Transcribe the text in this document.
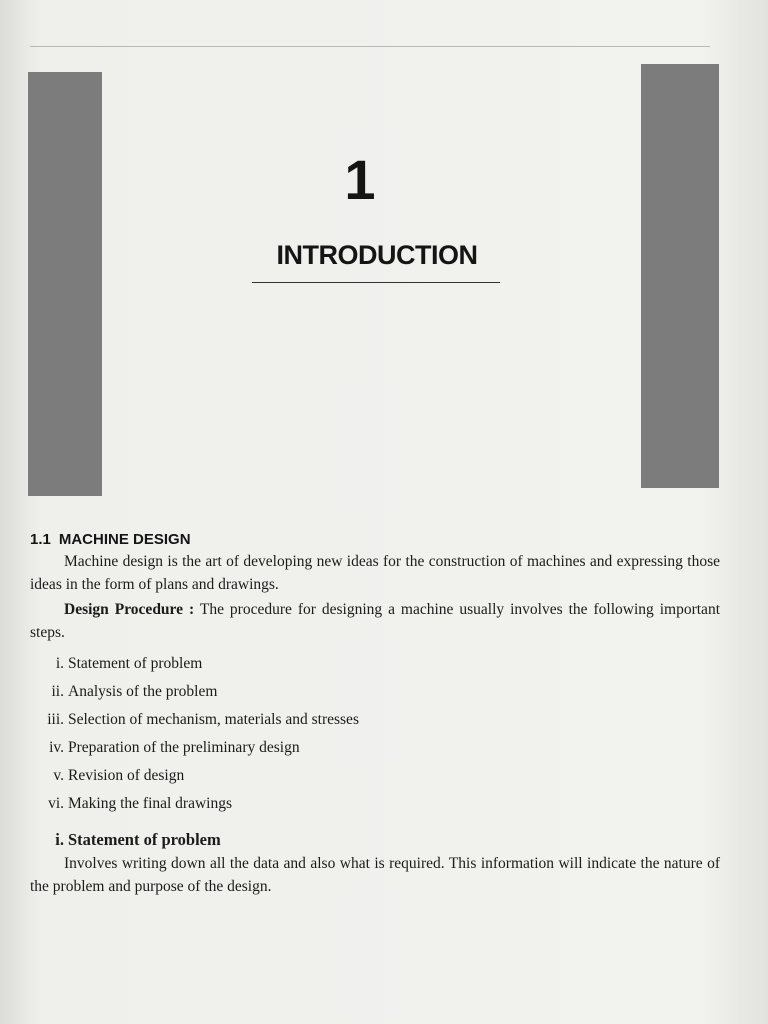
1
INTRODUCTION
1.1 MACHINE DESIGN
Machine design is the art of developing new ideas for the construction of machines and expressing those ideas in the form of plans and drawings.
Design Procedure : The procedure for designing a machine usually involves the following important steps.
i. Statement of problem
ii. Analysis of the problem
iii. Selection of mechanism, materials and stresses
iv. Preparation of the preliminary design
v. Revision of design
vi. Making the final drawings
i. Statement of problem
Involves writing down all the data and also what is required. This information will indicate the nature of the problem and purpose of the design.
